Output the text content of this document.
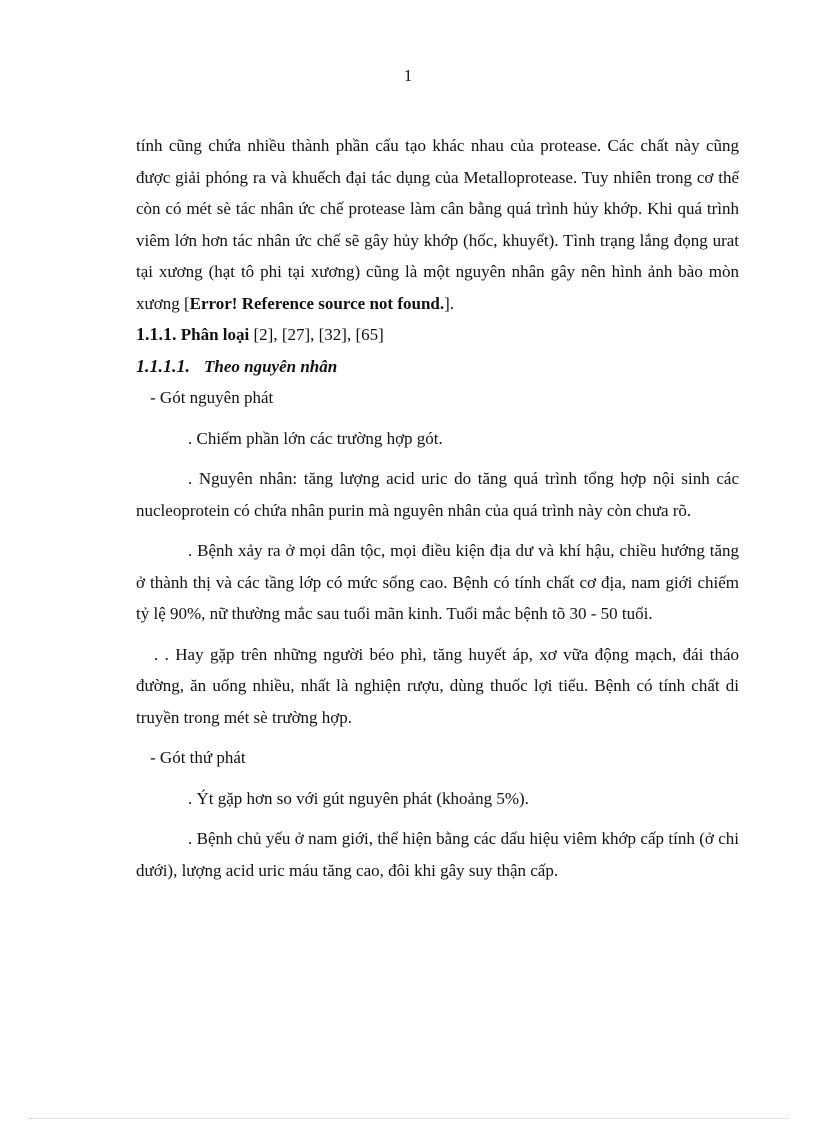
1

tính cũng chứa nhiều thành phần cấu tạo khác nhau của protease. Các chất này cũng được giải phóng ra và khuếch đại tác dụng của Metalloprotease. Tuy nhiên trong cơ thể còn có mét sè tác nhân ức chế protease làm cân bằng quá trình hủy khớp. Khi quá trình viêm lớn hơn tác nhân ức chế sẽ gây hủy khớp (hốc, khuyết). Tình trạng lắng đọng urat tại xương (hạt tô phi tại xương) cũng là một nguyên nhân gây nên hình ảnh bào mòn xương [Error! Reference source not found.].

1.1.1. Phân loại [2], [27], [32], [65]
1.1.1.1. Theo nguyên nhân

- Gót nguyên phát

. Chiếm phần lớn các trường hợp gót.

. Nguyên nhân: tăng lượng acid uric do tăng quá trình tổng hợp nội sinh các nucleoprotein có chứa nhân purin mà nguyên nhân của quá trình này còn chưa rõ.

. Bệnh xảy ra ở mọi dân tộc, mọi điều kiện địa dư và khí hậu, chiều hướng tăng ở thành thị và các tầng lớp có mức sống cao. Bệnh có tính chất cơ địa, nam giới chiếm tỷ lệ 90%, nữ thường mắc sau tuổi mãn kinh. Tuổi mắc bệnh tõ 30 - 50 tuổi.

. . Hay gặp trên những người béo phì, tăng huyết áp, xơ vữa động mạch, đái tháo đường, ăn uống nhiều, nhất là nghiện rượu, dùng thuốc lợi tiểu. Bệnh có tính chất di truyền trong mét sè trường hợp.

- Gót thứ phát

. Ýt gặp hơn so với gút nguyên phát (khoảng 5%).

. Bệnh chủ yếu ở nam giới, thể hiện bằng các dấu hiệu viêm khớp cấp tính (ở chi dưới), lượng acid uric máu tăng cao, đôi khi gây suy thận cấp.
